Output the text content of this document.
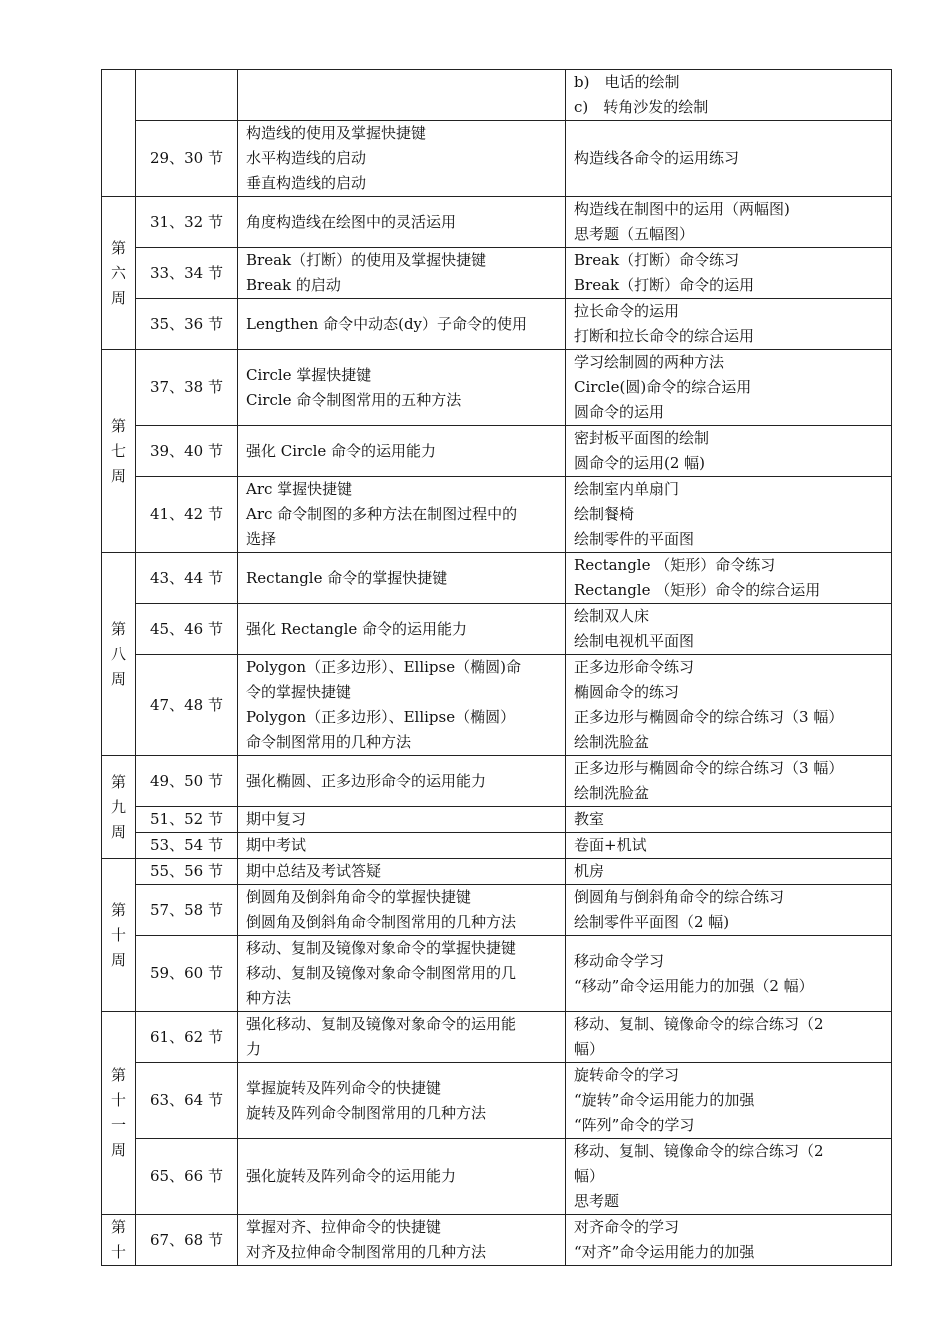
			b)　电话的绘制
c)　转角沙发的绘制

	29、30 节	构造线的使用及掌握快捷键
水平构造线的启动
垂直构造线的启动	构造线各命令的运用练习

第
六
周	31、32 节	角度构造线在绘图中的灵活运用	构造线在制图中的运用（两幅图)
思考题（五幅图）

	33、34 节	Break（打断）的使用及掌握快捷键
Break 的启动	Break（打断）命令练习
Break（打断）命令的运用

	35、36 节	Lengthen 命令中动态(dy）子命令的使用	拉长命令的运用
打断和拉长命令的综合运用

第
七
周	37、38 节	Circle 掌握快捷键
Circle 命令制图常用的五种方法	学习绘制圆的两种方法
Circle(圆)命令的综合运用
圆命令的运用

	39、40 节	强化 Circle 命令的运用能力	密封板平面图的绘制
圆命令的运用(2 幅)

	41、42 节	Arc 掌握快捷键
Arc 命令制图的多种方法在制图过程中的
选择	绘制室内单扇门
绘制餐椅
绘制零件的平面图

第
八
周	43、44 节	Rectangle 命令的掌握快捷键	Rectangle （矩形）命令练习
Rectangle （矩形）命令的综合运用

	45、46 节	强化 Rectangle 命令的运用能力	绘制双人床
绘制电视机平面图

	47、48 节	Polygon（正多边形）、Ellipse（椭圆)命
令的掌握快捷键
Polygon（正多边形）、Ellipse（椭圆）
命令制图常用的几种方法	正多边形命令练习
椭圆命令的练习
正多边形与椭圆命令的综合练习（3 幅）
绘制洗脸盆

第
九
周	49、50 节	强化椭圆、正多边形命令的运用能力	正多边形与椭圆命令的综合练习（3 幅）
绘制洗脸盆

	51、52 节	期中复习	教室

	53、54 节	期中考试	卷面+机试

第
十
周	55、56 节	期中总结及考试答疑	机房

	57、58 节	倒圆角及倒斜角命令的掌握快捷键
倒圆角及倒斜角命令制图常用的几种方法	倒圆角与倒斜角命令的综合练习
绘制零件平面图（2 幅)

	59、60 节	移动、复制及镜像对象命令的掌握快捷键
移动、复制及镜像对象命令制图常用的几
种方法	移动命令学习
“移动”命令运用能力的加强（2 幅）

第
十
一
周	61、62 节	强化移动、复制及镜像对象命令的运用能
力	移动、复制、镜像命令的综合练习（2
幅）

	63、64 节	掌握旋转及阵列命令的快捷键
旋转及阵列命令制图常用的几种方法	旋转命令的学习
“旋转”命令运用能力的加强
“阵列”命令的学习

	65、66 节	强化旋转及阵列命令的运用能力	移动、复制、镜像命令的综合练习（2
幅）
思考题

第
十	67、68 节	掌握对齐、拉伸命令的快捷键
对齐及拉伸命令制图常用的几种方法	对齐命令的学习
“对齐”命令运用能力的加强
